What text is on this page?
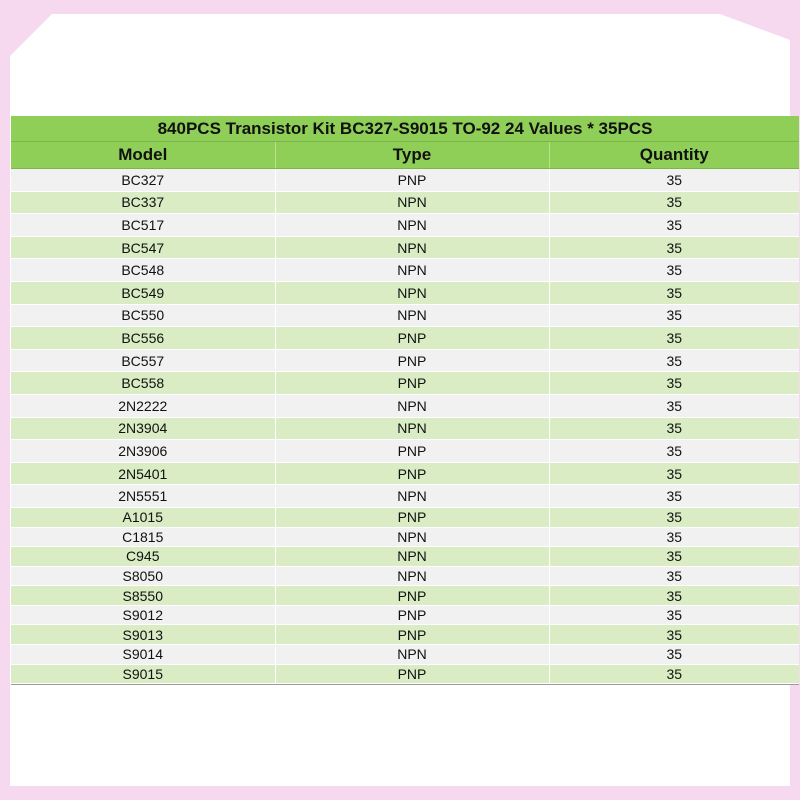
840PCS Transistor Kit BC327-S9015 TO-92 24 Values * 35PCS		
Model	Type	Quantity
BC327	PNP	35
BC337	NPN	35
BC517	NPN	35
BC547	NPN	35
BC548	NPN	35
BC549	NPN	35
BC550	NPN	35
BC556	PNP	35
BC557	PNP	35
BC558	PNP	35
2N2222	NPN	35
2N3904	NPN	35
2N3906	PNP	35
2N5401	PNP	35
2N5551	NPN	35
A1015	PNP	35
C1815	NPN	35
C945	NPN	35
S8050	NPN	35
S8550	PNP	35
S9012	PNP	35
S9013	PNP	35
S9014	NPN	35
S9015	PNP	35
